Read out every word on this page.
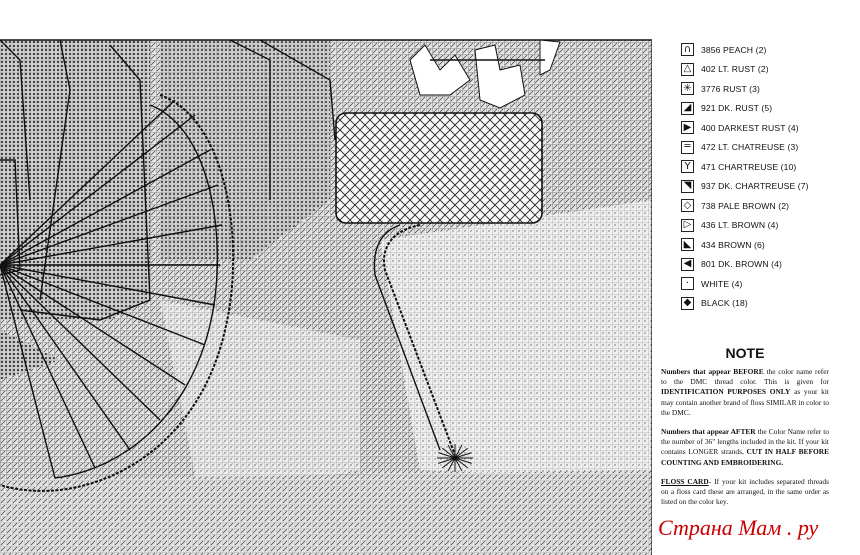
∩	3856 PEACH (2)
△	402 LT. RUST (2)
✳ 3776 RUST (3)
◢	921 DK. RUST (5)
▶	400 DARKEST RUST (4)
═	472 LT. CHATREUSE (3)
Y	471 CHARTREUSE (10)
◥	937 DK. CHARTREUSE (7)
◇	738 PALE BROWN (2)
▷	436 LT. BROWN (4)
◣	434 BROWN (6)
◀	801 DK. BROWN (4)
·	WHITE (4)
◆	BLACK (18)
NOTE

Numbers that appear BEFORE the color name refer to the DMC thread color. This is given for IDENTIFICATION PURPOSES ONLY as your kit may contain another brand of floss SIMILAR in color to the DMC.

Numbers that appear AFTER the Color Name refer to the number of 36" lengths included in the kit. If your kit contains LONGER strands, CUT IN HALF BEFORE COUNTING AND EMBROIDERING.

FLOSS CARD- If your kit includes separated threads on a floss card these are arranged, in the same order as listed on the color key.

Страна Мам . ру
